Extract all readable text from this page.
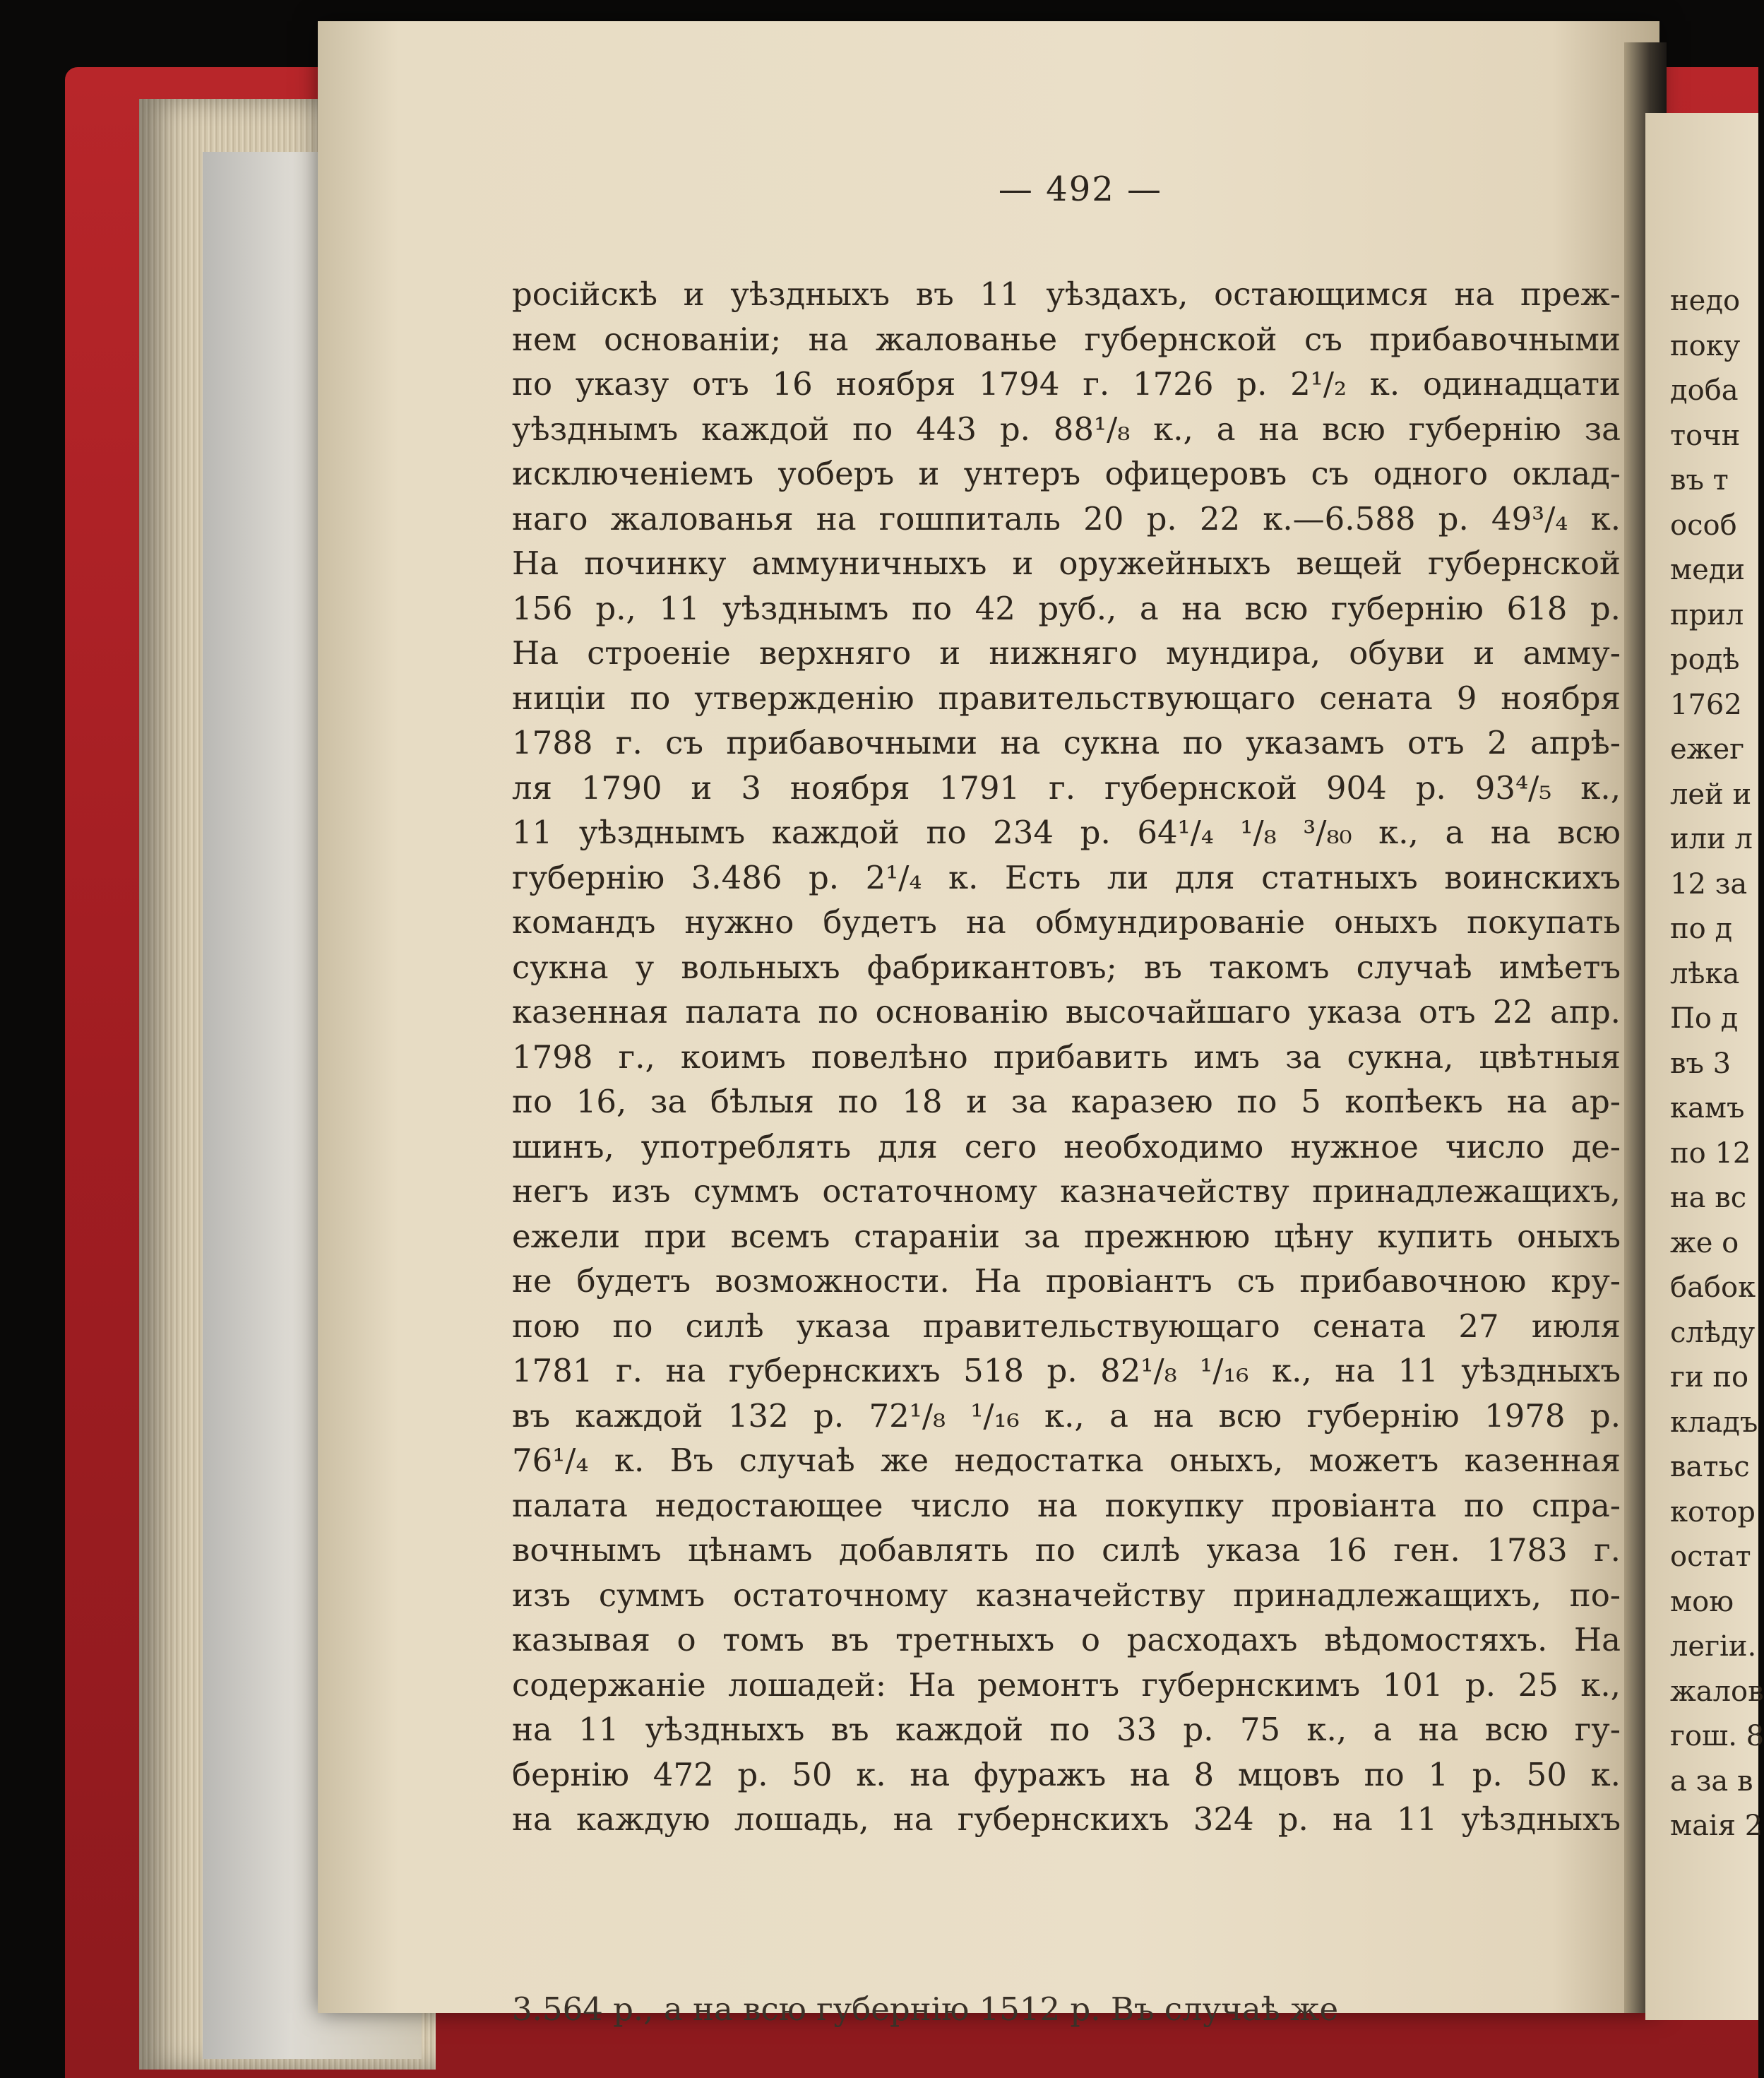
— 492 —
російскѣ и уѣздныхъ въ 11 уѣздахъ, остающимся на преж-
нем основаніи; на жалованье губернской съ прибавочными
по указу отъ 16 ноября 1794 г. 1726 р. 2¹/₂ к. одинадцати
уѣзднымъ каждой по 443 р. 88¹/₈ к., а на всю губернію за
исключеніемъ уоберъ и унтеръ офицеровъ съ одного оклад-
наго жалованья на гошпиталь 20 р. 22 к.—6.588 р. 49³/₄ к.
На починку аммуничныхъ и оружейныхъ вещей губернской
156 р., 11 уѣзднымъ по 42 руб., а на всю губернію 618 р.
На строеніе верхняго и нижняго мундира, обуви и амму-
ниціи по утвержденію правительствующаго сената 9 ноября
1788 г. съ прибавочными на сукна по указамъ отъ 2 апрѣ-
ля 1790 и 3 ноября 1791 г. губернской 904 р. 93⁴/₅ к.,
11 уѣзднымъ каждой по 234 р. 64¹/₄ ¹/₈ ³/₈₀ к., а на всю
губернію 3.486 р. 2¹/₄ к. Есть ли для статныхъ воинскихъ
командъ нужно будетъ на обмундированіе оныхъ покупать
сукна у вольныхъ фабрикантовъ; въ такомъ случаѣ имѣетъ
казенная палата по основанію высочайшаго указа отъ 22 апр.
1798 г., коимъ повелѣно прибавить имъ за сукна, цвѣтныя
по 16, за бѣлыя по 18 и за каразею по 5 копѣекъ на ар-
шинъ, употреблять для сего необходимо нужное число де-
негъ изъ суммъ остаточному казначейству принадлежащихъ,
ежели при всемъ стараніи за прежнюю цѣну купить оныхъ
не будетъ возможности. На провіантъ съ прибавочною кру-
пою по силѣ указа правительствующаго сената 27 июля
1781 г. на губернскихъ 518 р. 82¹/₈ ¹/₁₆ к., на 11 уѣздныхъ
въ каждой 132 р. 72¹/₈ ¹/₁₆ к., а на всю губернію 1978 р.
76¹/₄ к. Въ случаѣ же недостатка оныхъ, можетъ казенная
палата недостающее число на покупку провіанта по спра-
вочнымъ цѣнамъ добавлять по силѣ указа 16 ген. 1783 г.
изъ суммъ остаточному казначейству принадлежащихъ, по-
казывая о томъ въ третныхъ о расходахъ вѣдомостяхъ. На
содержаніе лошадей: На ремонтъ губернскимъ 101 р. 25 к.,
на 11 уѣздныхъ въ каждой по 33 р. 75 к., а на всю гу-
бернію 472 р. 50 к. на фуражъ на 8 мцовъ по 1 р. 50 к.
на каждую лошадь, на губернскихъ 324 р. на 11 уѣздныхъ
недо
поку
доба
точн
въ т
особ
меди
прил
родѣ
1762
ежег
лей и
или л
12 за
по д
лѣка
По д
въ 3
камъ
по 12
на вс
же о
бабок
слѣду
ги по
кладъ
ватьс
котор
остат
мою
легіи.
жалов
гош. 8
а за в
маія 2
